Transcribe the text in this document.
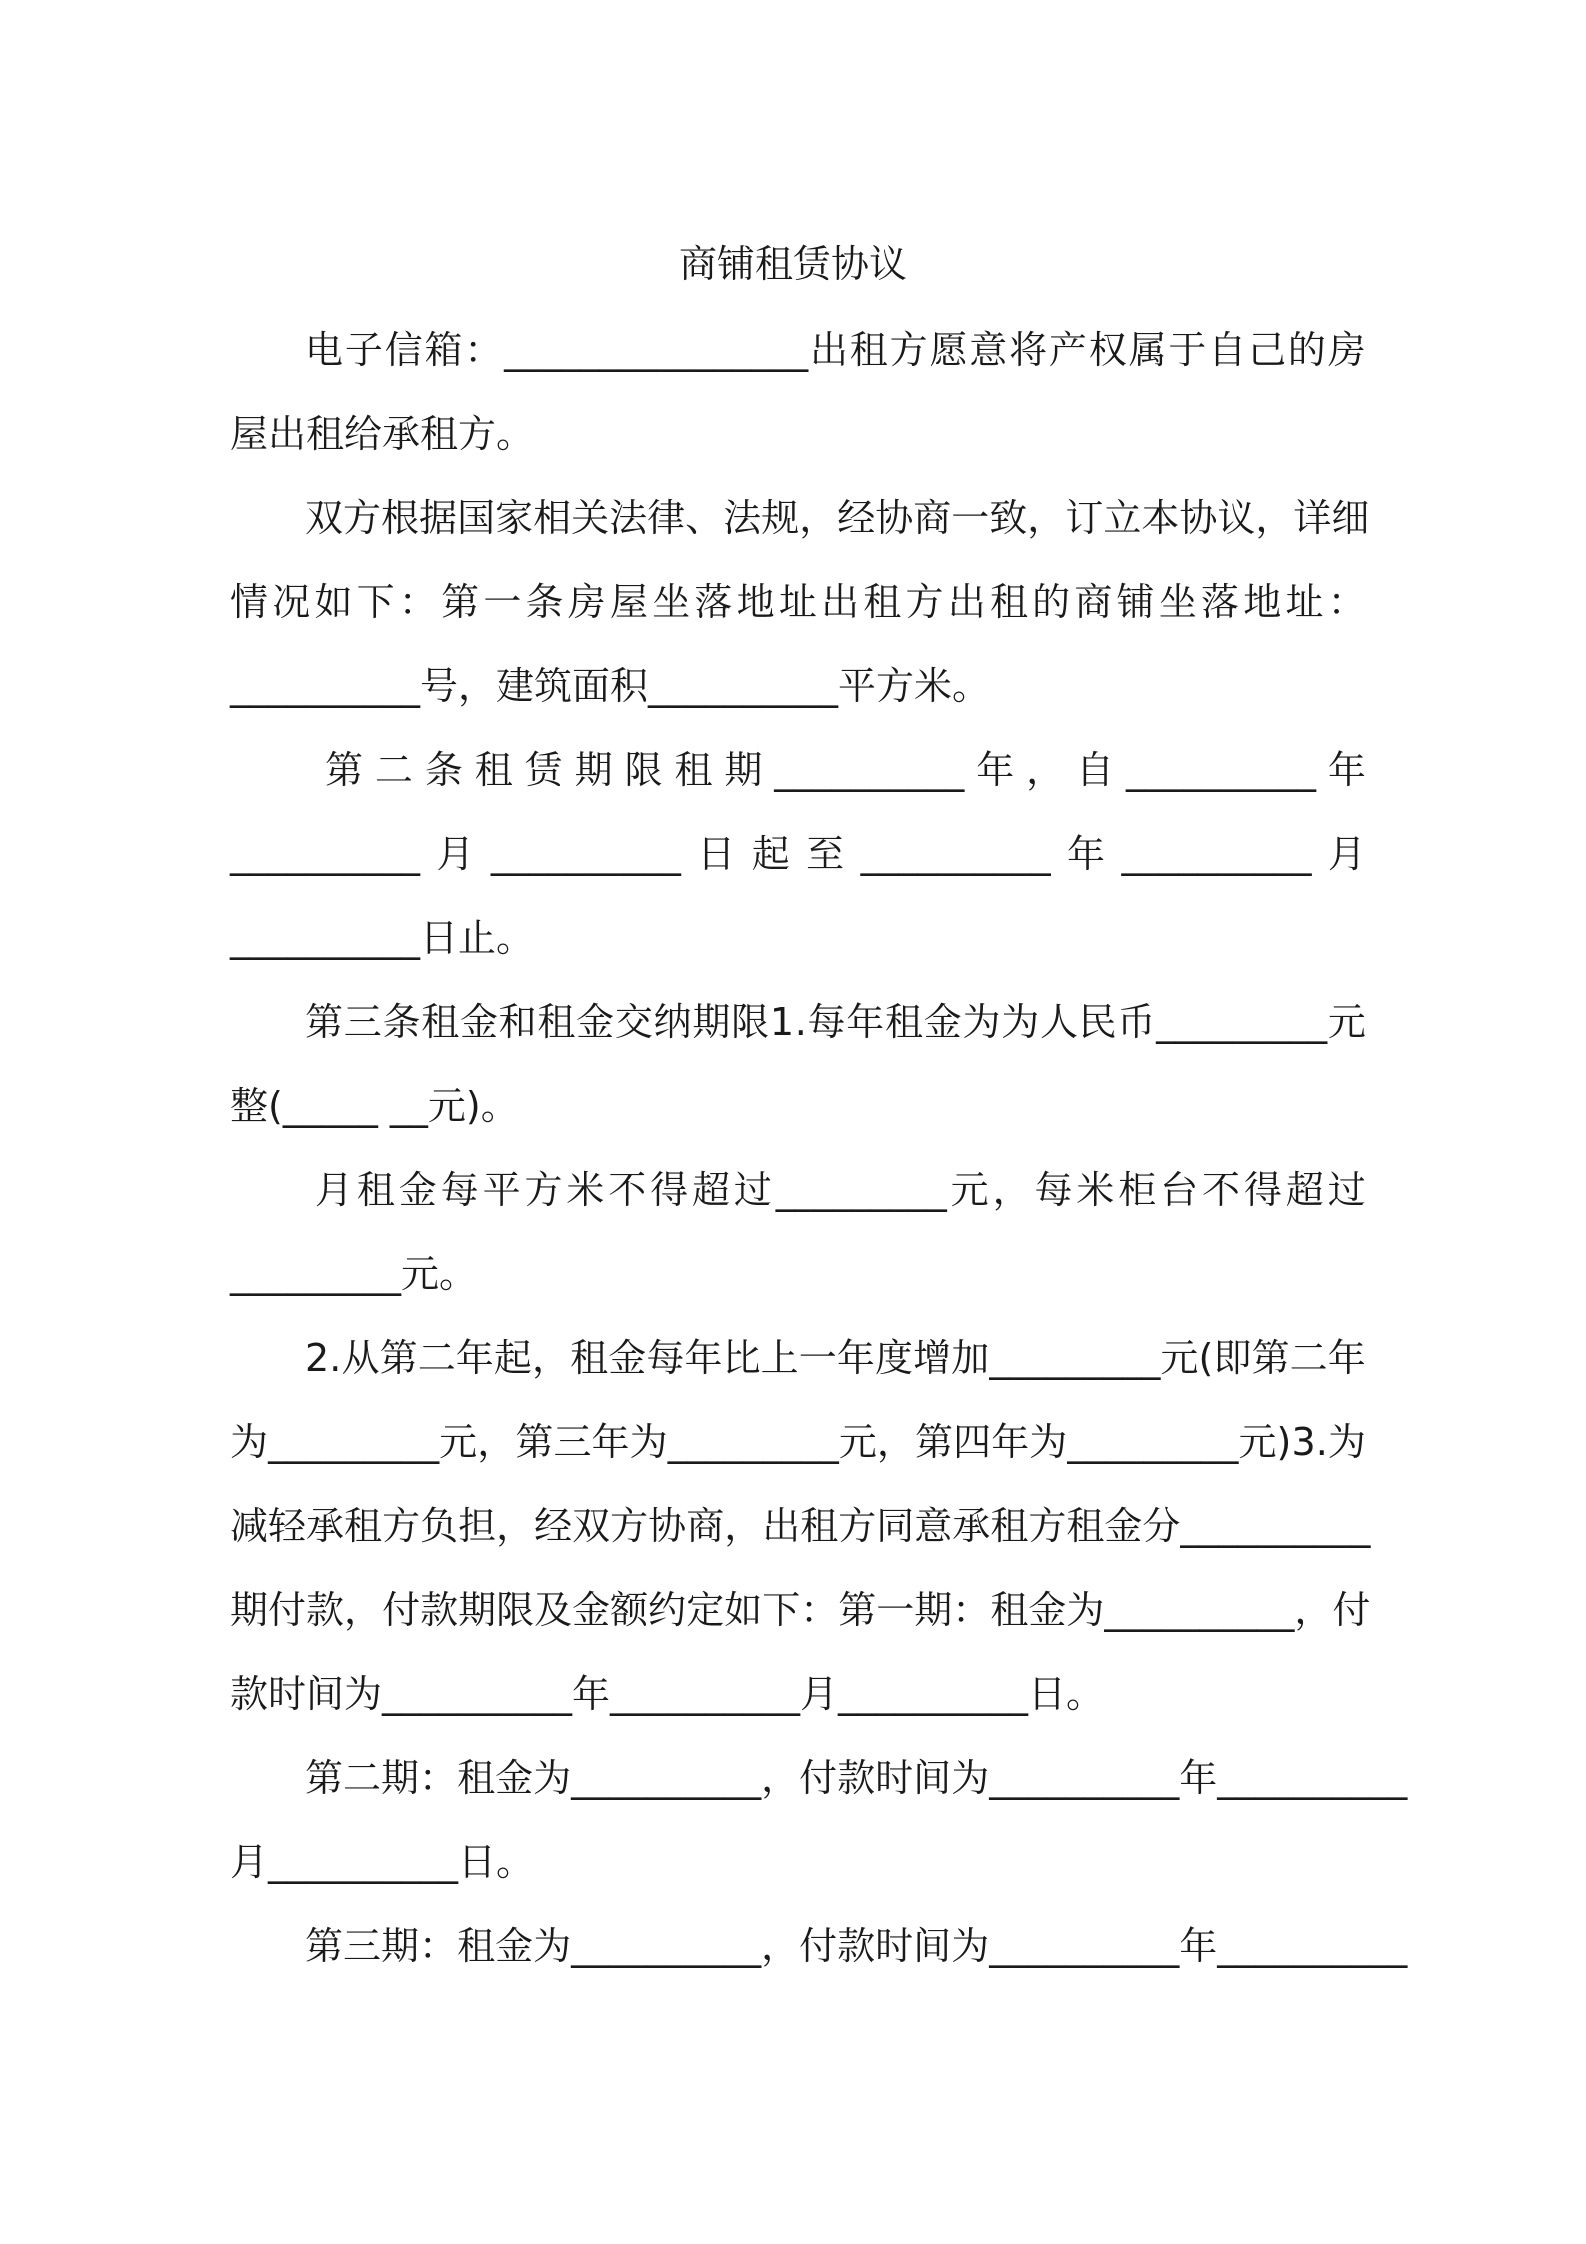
商铺租赁协议
电 子 信 箱 ： ________________ 出 租 方 愿 意 将 产 权 属 于 自 己 的 房
屋出租给承租方。
双 方 根 据 国 家 相 关 法 律 、 法 规 ， 经 协 商 一 致 ， 订 立 本 协 议 ， 详 细
情 况 如 下 ： 第 一 条 房 屋 坐 落 地 址 出 租 方 出 租 的 商 铺 坐 落 地 址 ：
__________号，建筑面积__________平方米。
第 二 条 租 赁 期 限 租 期 __________ 年 ， 自 __________ 年
__________ 月 __________ 日 起 至 __________ 年 __________ 月
__________日止。
第 三 条 租 金 和 租 金 交 纳 期 限 1 . 每 年 租 金 为 为 人 民 币 _________ 元
整(_____ __元)。
月 租 金 每 平 方 米 不 得 超 过 _________ 元 ， 每 米 柜 台 不 得 超 过
_________元。
2 . 从 第 二 年 起 ， 租 金 每 年 比 上 一 年 度 增 加 _________ 元 ( 即 第 二 年
为 _________ 元 ， 第 三 年 为 _________ 元 ， 第 四 年 为 _________ 元 ) 3 . 为
减 轻 承 租 方 负 担 ， 经 双 方 协 商 ， 出 租 方 同 意 承 租 方 租 金 分 __________
期 付 款 ， 付 款 期 限 及 金 额 约 定 如 下 ： 第 一 期 ： 租 金 为 __________ ， 付
款时间为__________年__________月__________日。
第 二 期 ： 租 金 为 __________ ， 付 款 时 间 为 __________ 年 __________
月__________日。
第 三 期 ： 租 金 为 __________ ， 付 款 时 间 为 __________ 年 __________
